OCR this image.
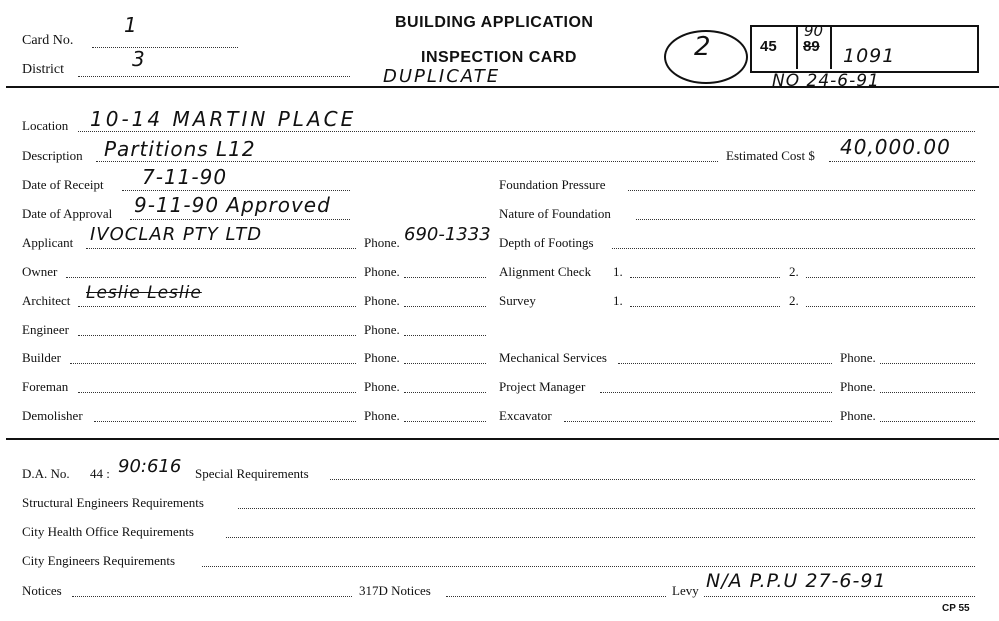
Card No.
1
District	3
BUILDING APPLICATION
INSPECTION CARD
DUPLICATE
2	45
90
89 1091
NO 24-6-91
Location 10-14 MARTIN PLACE
Description Partitions L12	Estimated Cost $ 40,000.00
Date of Receipt 7-11-90	Foundation Pressure
Date of Approval 9-11-90 Approved	Nature of Foundation
Applicant IVOCLAR PTY LTD	Phone. 690-1333 Depth of Footings
Owner	Phone.	Alignment Check 1.	2.
Architect Leslie Leslie	Phone.	Survey	1.	2.
Engineer	Phone.
Builder	Phone.	Mechanical Services	Phone.
Foreman	Phone.	Project Manager	Phone.
Demolisher	Phone.	Excavator	Phone.
D.A. No. 44 : 90:616 Special Requirements
Structural Engineers Requirements
City Health Office Requirements
City Engineers Requirements
Notices	317D Notices	Levy N/A P.P.U 27-6-91
CP 55
